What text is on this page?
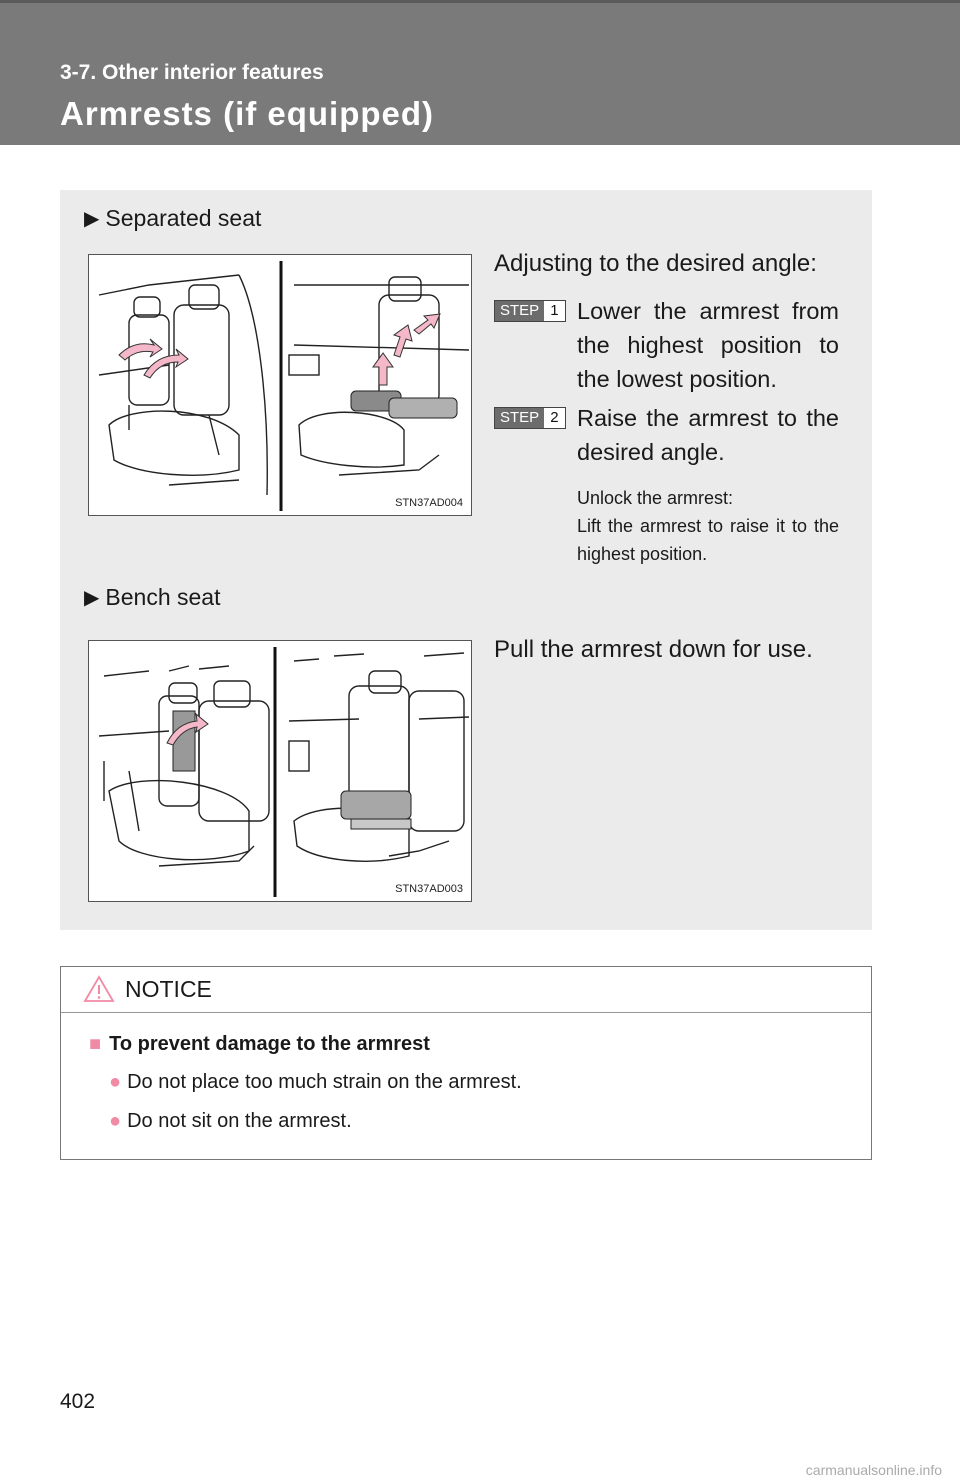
3-7. Other interior features
Armrests (if equipped)
▶ Separated seat
STN37AD004
Adjusting to the desired angle:
STEP 1 Lower the armrest from the highest position to the lowest position.
STEP 2 Raise the armrest to the desired angle.
Unlock the armrest:
Lift the armrest to raise it to the highest position.
▶ Bench seat
STN37AD003
Pull the armrest down for use.
NOTICE
■ To prevent damage to the armrest
● Do not place too much strain on the armrest.
● Do not sit on the armrest.
402
carmanualsonline.info
